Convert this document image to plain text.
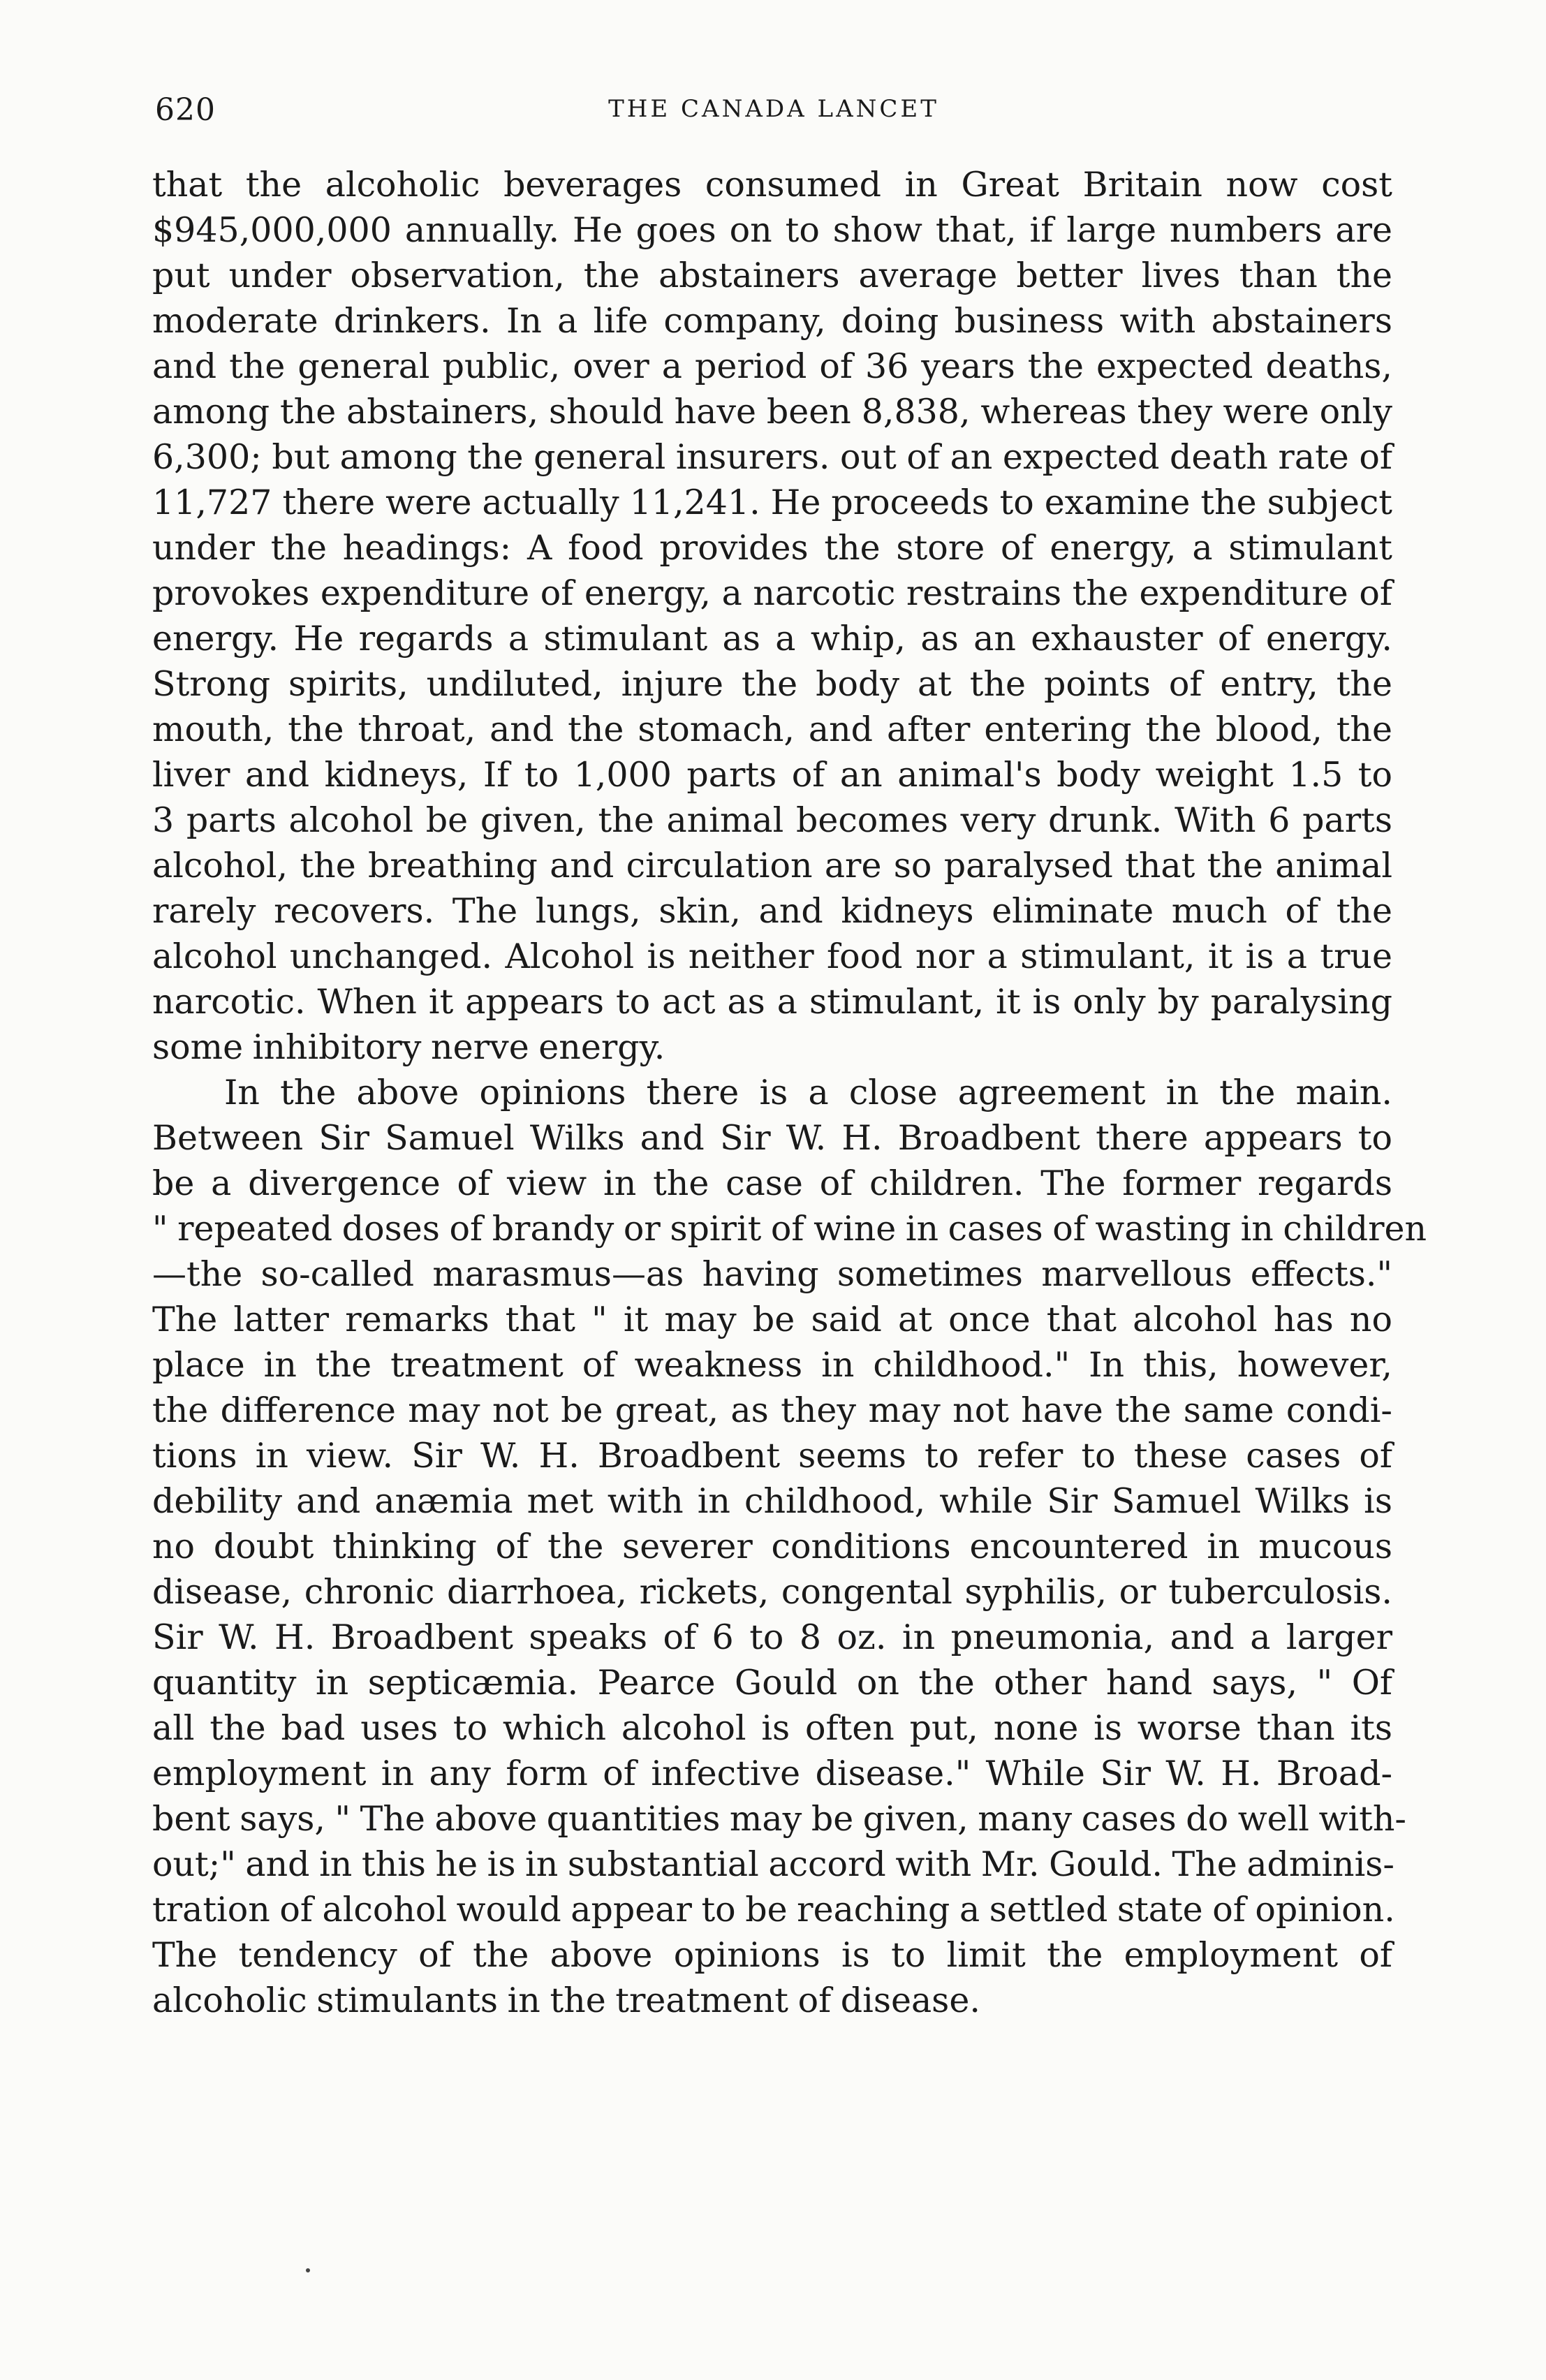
620	THE CANADA LANCET

that the alcoholic beverages consumed in Great Britain now cost
$945,000,000 annually. He goes on to show that, if large numbers are
put under observation, the abstainers average better lives than the
moderate drinkers. In a life company, doing business with abstainers
and the general public, over a period of 36 years the expected deaths,
among the abstainers, should have been 8,838, whereas they were only
6,300; but among the general insurers. out of an expected death rate of
11,727 there were actually 11,241. He proceeds to examine the subject
under the headings: A food provides the store of energy, a stimulant
provokes expenditure of energy, a narcotic restrains the expenditure of
energy. He regards a stimulant as a whip, as an exhauster of energy.
Strong spirits, undiluted, injure the body at the points of entry, the
mouth, the throat, and the stomach, and after entering the blood, the
liver and kidneys, If to 1,000 parts of an animal's body weight 1.5 to
3 parts alcohol be given, the animal becomes very drunk. With 6 parts
alcohol, the breathing and circulation are so paralysed that the animal
rarely recovers. The lungs, skin, and kidneys eliminate much of the
alcohol unchanged. Alcohol is neither food nor a stimulant, it is a true
narcotic. When it appears to act as a stimulant, it is only by paralysing
some inhibitory nerve energy.

In the above opinions there is a close agreement in the main.
Between Sir Samuel Wilks and Sir W. H. Broadbent there appears to
be a divergence of view in the case of children. The former regards
" repeated doses of brandy or spirit of wine in cases of wasting in children
—the so-called marasmus—as having sometimes marvellous effects."
The latter remarks that " it may be said at once that alcohol has no
place in the treatment of weakness in childhood." In this, however,
the difference may not be great, as they may not have the same condi-
tions in view. Sir W. H. Broadbent seems to refer to these cases of
debility and anæmia met with in childhood, while Sir Samuel Wilks is
no doubt thinking of the severer conditions encountered in mucous
disease, chronic diarrhoea, rickets, congental syphilis, or tuberculosis.
Sir W. H. Broadbent speaks of 6 to 8 oz. in pneumonia, and a larger
quantity in septicæmia. Pearce Gould on the other hand says, " Of
all the bad uses to which alcohol is often put, none is worse than its
employment in any form of infective disease." While Sir W. H. Broad-
bent says, " The above quantities may be given, many cases do well with-
out;" and in this he is in substantial accord with Mr. Gould. The adminis-
tration of alcohol would appear to be reaching a settled state of opinion.
The tendency of the above opinions is to limit the employment of
alcoholic stimulants in the treatment of disease.
